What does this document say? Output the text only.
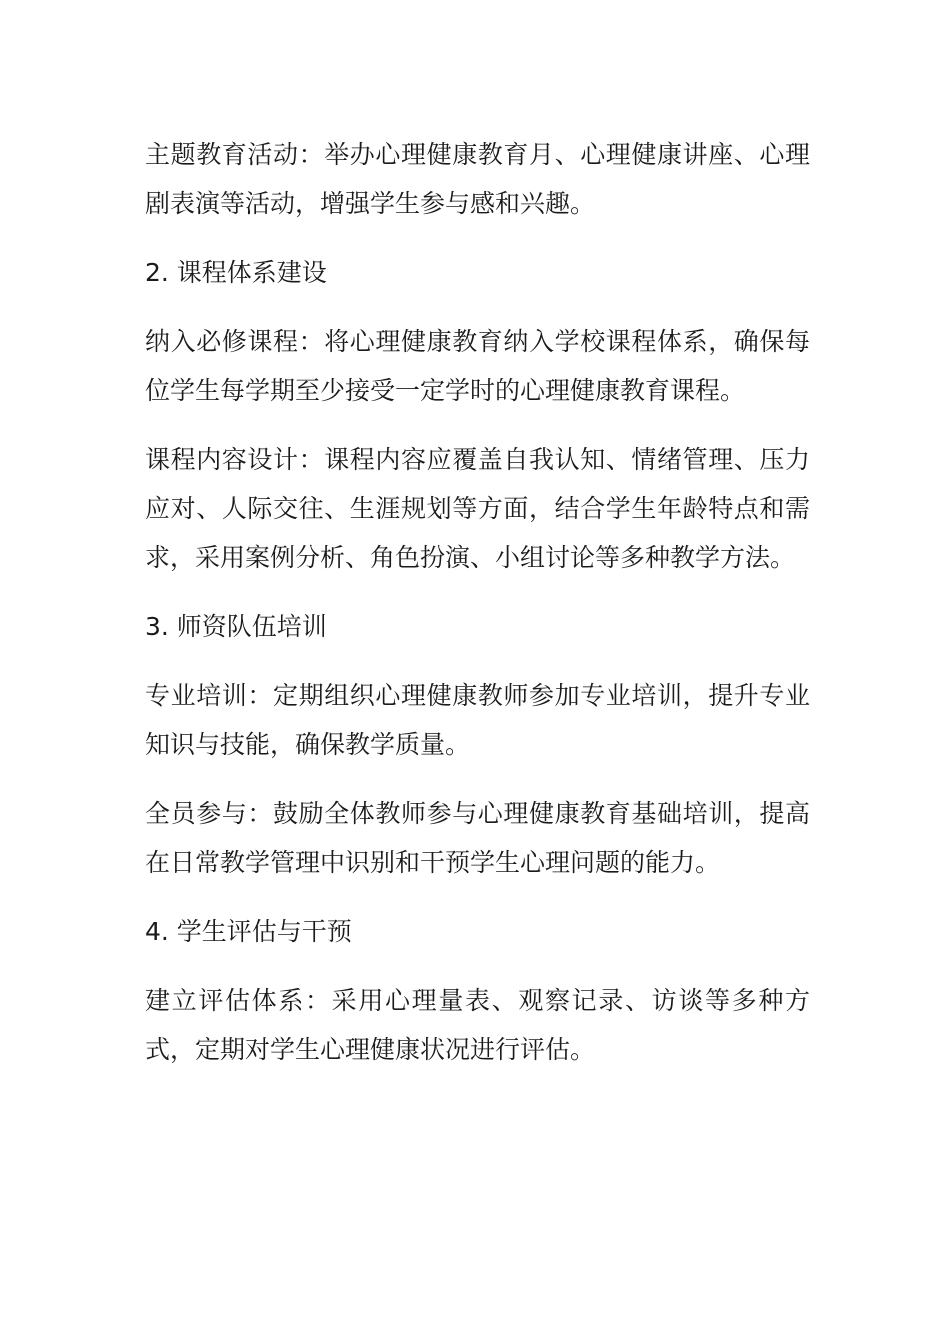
主题教育活动：举办心理健康教育月、心理健康讲座、心理剧表演等活动，增强学生参与感和兴趣。

2. 课程体系建设

纳入必修课程：将心理健康教育纳入学校课程体系，确保每位学生每学期至少接受一定学时的心理健康教育课程。

课程内容设计：课程内容应覆盖自我认知、情绪管理、压力应对、人际交往、生涯规划等方面，结合学生年龄特点和需求，采用案例分析、角色扮演、小组讨论等多种教学方法。

3. 师资队伍培训

专业培训：定期组织心理健康教师参加专业培训，提升专业知识与技能，确保教学质量。

全员参与：鼓励全体教师参与心理健康教育基础培训，提高在日常教学管理中识别和干预学生心理问题的能力。

4. 学生评估与干预

建立评估体系：采用心理量表、观察记录、访谈等多种方式，定期对学生心理健康状况进行评估。
